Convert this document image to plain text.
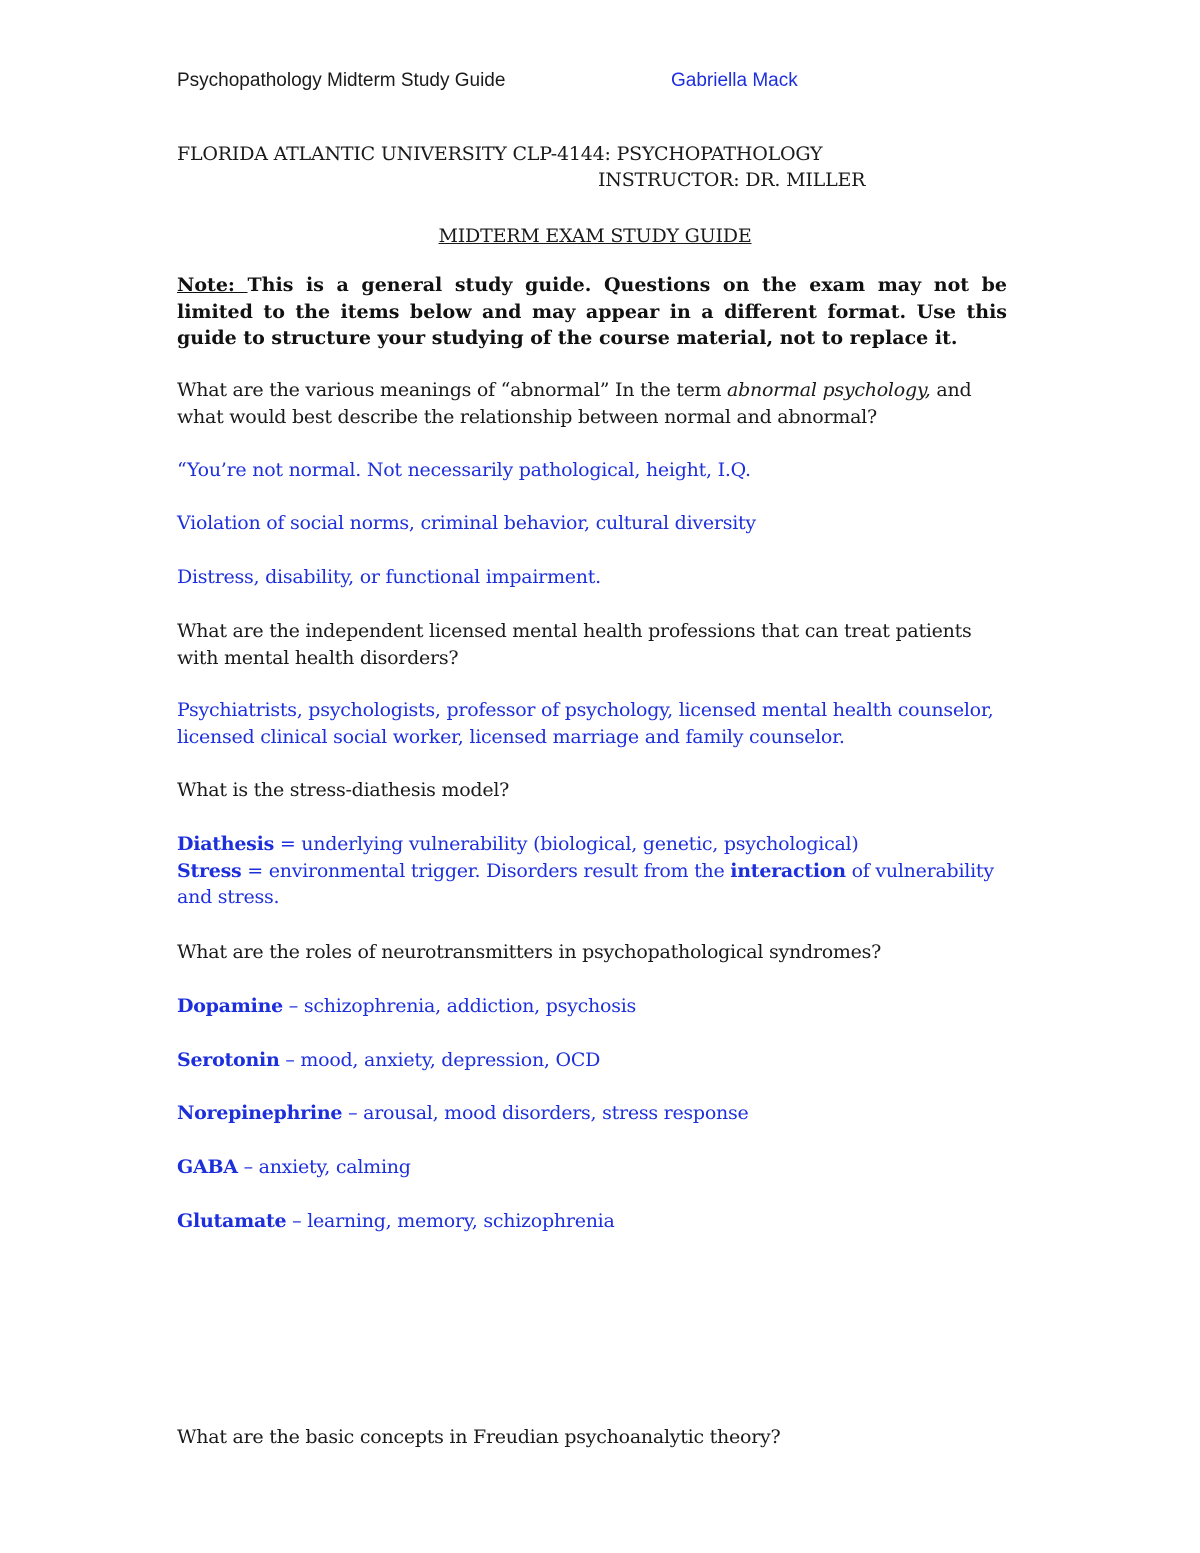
Psychopathology Midterm Study Guide	Gabriella Mack
FLORIDA ATLANTIC UNIVERSITY CLP-4144: PSYCHOPATHOLOGY
INSTRUCTOR: DR. MILLER
MIDTERM EXAM STUDY GUIDE
Note: This is a general study guide. Questions on the exam may not be limited to the items below and may appear in a different format. Use this guide to structure your studying of the course material, not to replace it.
What are the various meanings of “abnormal” In the term abnormal psychology, and what would best describe the relationship between normal and abnormal?
“You’re not normal. Not necessarily pathological, height, I.Q.
Violation of social norms, criminal behavior, cultural diversity
Distress, disability, or functional impairment.
What are the independent licensed mental health professions that can treat patients with mental health disorders?
Psychiatrists, psychologists, professor of psychology, licensed mental health counselor, licensed clinical social worker, licensed marriage and family counselor.
What is the stress-diathesis model?
Diathesis = underlying vulnerability (biological, genetic, psychological)
Stress = environmental trigger. Disorders result from the interaction of vulnerability and stress.
What are the roles of neurotransmitters in psychopathological syndromes?
Dopamine – schizophrenia, addiction, psychosis
Serotonin – mood, anxiety, depression, OCD
Norepinephrine – arousal, mood disorders, stress response
GABA – anxiety, calming
Glutamate – learning, memory, schizophrenia
What are the basic concepts in Freudian psychoanalytic theory?
